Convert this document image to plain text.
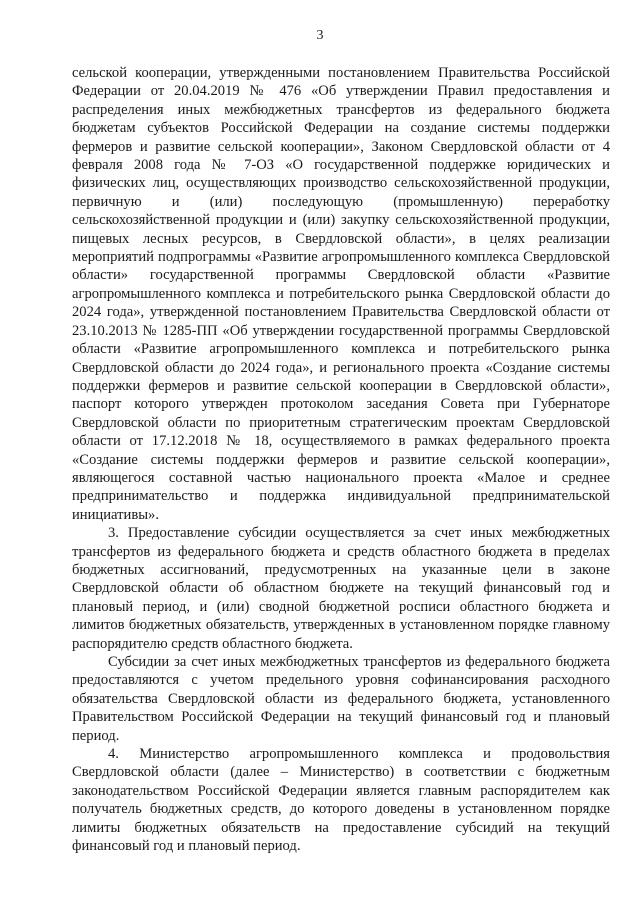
3

сельской кооперации, утвержденными постановлением Правительства Российской Федерации от 20.04.2019 № 476 «Об утверждении Правил предоставления и распределения иных межбюджетных трансфертов из федерального бюджета бюджетам субъектов Российской Федерации на создание системы поддержки фермеров и развитие сельской кооперации», Законом Свердловской области от 4 февраля 2008 года № 7-ОЗ «О государственной поддержке юридических и физических лиц, осуществляющих производство сельскохозяйственной продукции, первичную и (или) последующую (промышленную) переработку сельскохозяйственной продукции и (или) закупку сельскохозяйственной продукции, пищевых лесных ресурсов, в Свердловской области», в целях реализации мероприятий подпрограммы «Развитие агропромышленного комплекса Свердловской области» государственной программы Свердловской области «Развитие агропромышленного комплекса и потребительского рынка Свердловской области до 2024 года», утвержденной постановлением Правительства Свердловской области от 23.10.2013 № 1285-ПП «Об утверждении государственной программы Свердловской области «Развитие агропромышленного комплекса и потребительского рынка Свердловской области до 2024 года», и регионального проекта «Создание системы поддержки фермеров и развитие сельской кооперации в Свердловской области», паспорт которого утвержден протоколом заседания Совета при Губернаторе Свердловской области по приоритетным стратегическим проектам Свердловской области от 17.12.2018 № 18, осуществляемого в рамках федерального проекта «Создание системы поддержки фермеров и развитие сельской кооперации», являющегося составной частью национального проекта «Малое и среднее предпринимательство и поддержка индивидуальной предпринимательской инициативы».

3. Предоставление субсидии осуществляется за счет иных межбюджетных трансфертов из федерального бюджета и средств областного бюджета в пределах бюджетных ассигнований, предусмотренных на указанные цели в законе Свердловской области об областном бюджете на текущий финансовый год и плановый период, и (или) сводной бюджетной росписи областного бюджета и лимитов бюджетных обязательств, утвержденных в установленном порядке главному распорядителю средств областного бюджета.

Субсидии за счет иных межбюджетных трансфертов из федерального бюджета предоставляются с учетом предельного уровня софинансирования расходного обязательства Свердловской области из федерального бюджета, установленного Правительством Российской Федерации на текущий финансовый год и плановый период.

4. Министерство агропромышленного комплекса и продовольствия Свердловской области (далее – Министерство) в соответствии с бюджетным законодательством Российской Федерации является главным распорядителем как получатель бюджетных средств, до которого доведены в установленном порядке лимиты бюджетных обязательств на предоставление субсидий на текущий финансовый год и плановый период.
